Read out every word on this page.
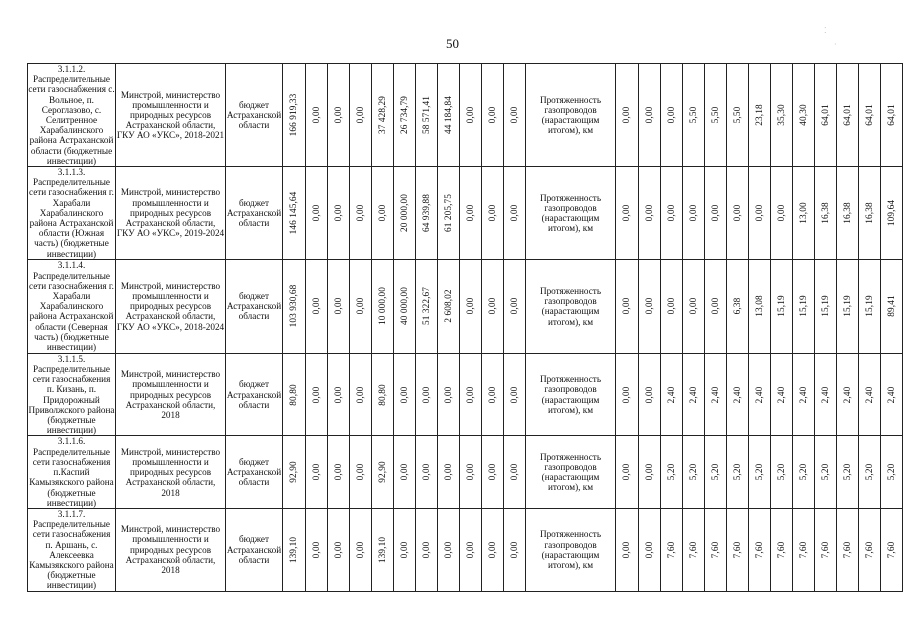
50
⁚
·
3.1.1.2. Распределительные сети газоснабжения с. Вольное, п. Сероглазово, с. Селитренное Харабалинского района Астраханской области (бюджетные инвестиции)	Минстрой, министерство промышленности и природных ресурсов Астраханской области, ГКУ АО «УКС», 2018-2021	бюджет Астраханской области	166 919,33	0,00	0,00	0,00	37 428,29	26 734,79	58 571,41	44 184,84	0,00	0,00	0,00	Протяженность газопроводов (нарастающим итогом), км	0,00	0,00	0,00	5,50	5,50	5,50	23,18	35,30	40,30	64,01	64,01	64,01	64,01

3.1.1.3. Распределительные сети газоснабжения г. Харабали Харабалинского района Астраханской области (Южная часть) (бюджетные инвестиции)	Минстрой, министерство промышленности и природных ресурсов Астраханской области, ГКУ АО «УКС», 2019-2024	бюджет Астраханской области	146 145,64	0,00	0,00	0,00	0,00	20 000,00	64 939,88	61 205,75	0,00	0,00	0,00	Протяженность газопроводов (нарастающим итогом), км	0,00	0,00	0,00	0,00	0,00	0,00	0,00	0,00	13,00	16,38	16,38	16,38	109,64

3.1.1.4. Распределительные сети газоснабжения г. Харабали Харабалинского района Астраханской области (Северная часть) (бюджетные инвестиции)	Минстрой, министерство промышленности и природных ресурсов Астраханской области, ГКУ АО «УКС», 2018-2024	бюджет Астраханской области	103 930,68	0,00	0,00	0,00	10 000,00	40 000,00	51 322,67	2 608,02	0,00	0,00	0,00	Протяженность газопроводов (нарастающим итогом), км	0,00	0,00	0,00	0,00	0,00	6,38	13,08	15,19	15,19	15,19	15,19	15,19	89,41

3.1.1.5. Распределительные сети газоснабжения п. Кизань, п. Придорожный Приволжского района (бюджетные инвестиции)	Минстрой, министерство промышленности и природных ресурсов Астраханской области, 2018	бюджет Астраханской области	80,80	0,00	0,00	0,00	80,80	0,00	0,00	0,00	0,00	0,00	0,00	Протяженность газопроводов (нарастающим итогом), км	0,00	0,00	2,40	2,40	2,40	2,40	2,40	2,40	2,40	2,40	2,40	2,40	2,40

3.1.1.6. Распределительные сети газоснабжения п.Каспий Камызякского района (бюджетные инвестиции)	Минстрой, министерство промышленности и природных ресурсов Астраханской области, 2018	бюджет Астраханской области	92,90	0,00	0,00	0,00	92,90	0,00	0,00	0,00	0,00	0,00	0,00	Протяженность газопроводов (нарастающим итогом), км	0,00	0,00	5,20	5,20	5,20	5,20	5,20	5,20	5,20	5,20	5,20	5,20	5,20

3.1.1.7. Распределительные сети газоснабжения п. Аршань, с. Алексеевка Камызякского района (бюджетные инвестиции)	Минстрой, министерство промышленности и природных ресурсов Астраханской области, 2018	бюджет Астраханской области	139,10	0,00	0,00	0,00	139,10	0,00	0,00	0,00	0,00	0,00	0,00	Протяженность газопроводов (нарастающим итогом), км	0,00	0,00	7,60	7,60	7,60	7,60	7,60	7,60	7,60	7,60	7,60	7,60	7,60
